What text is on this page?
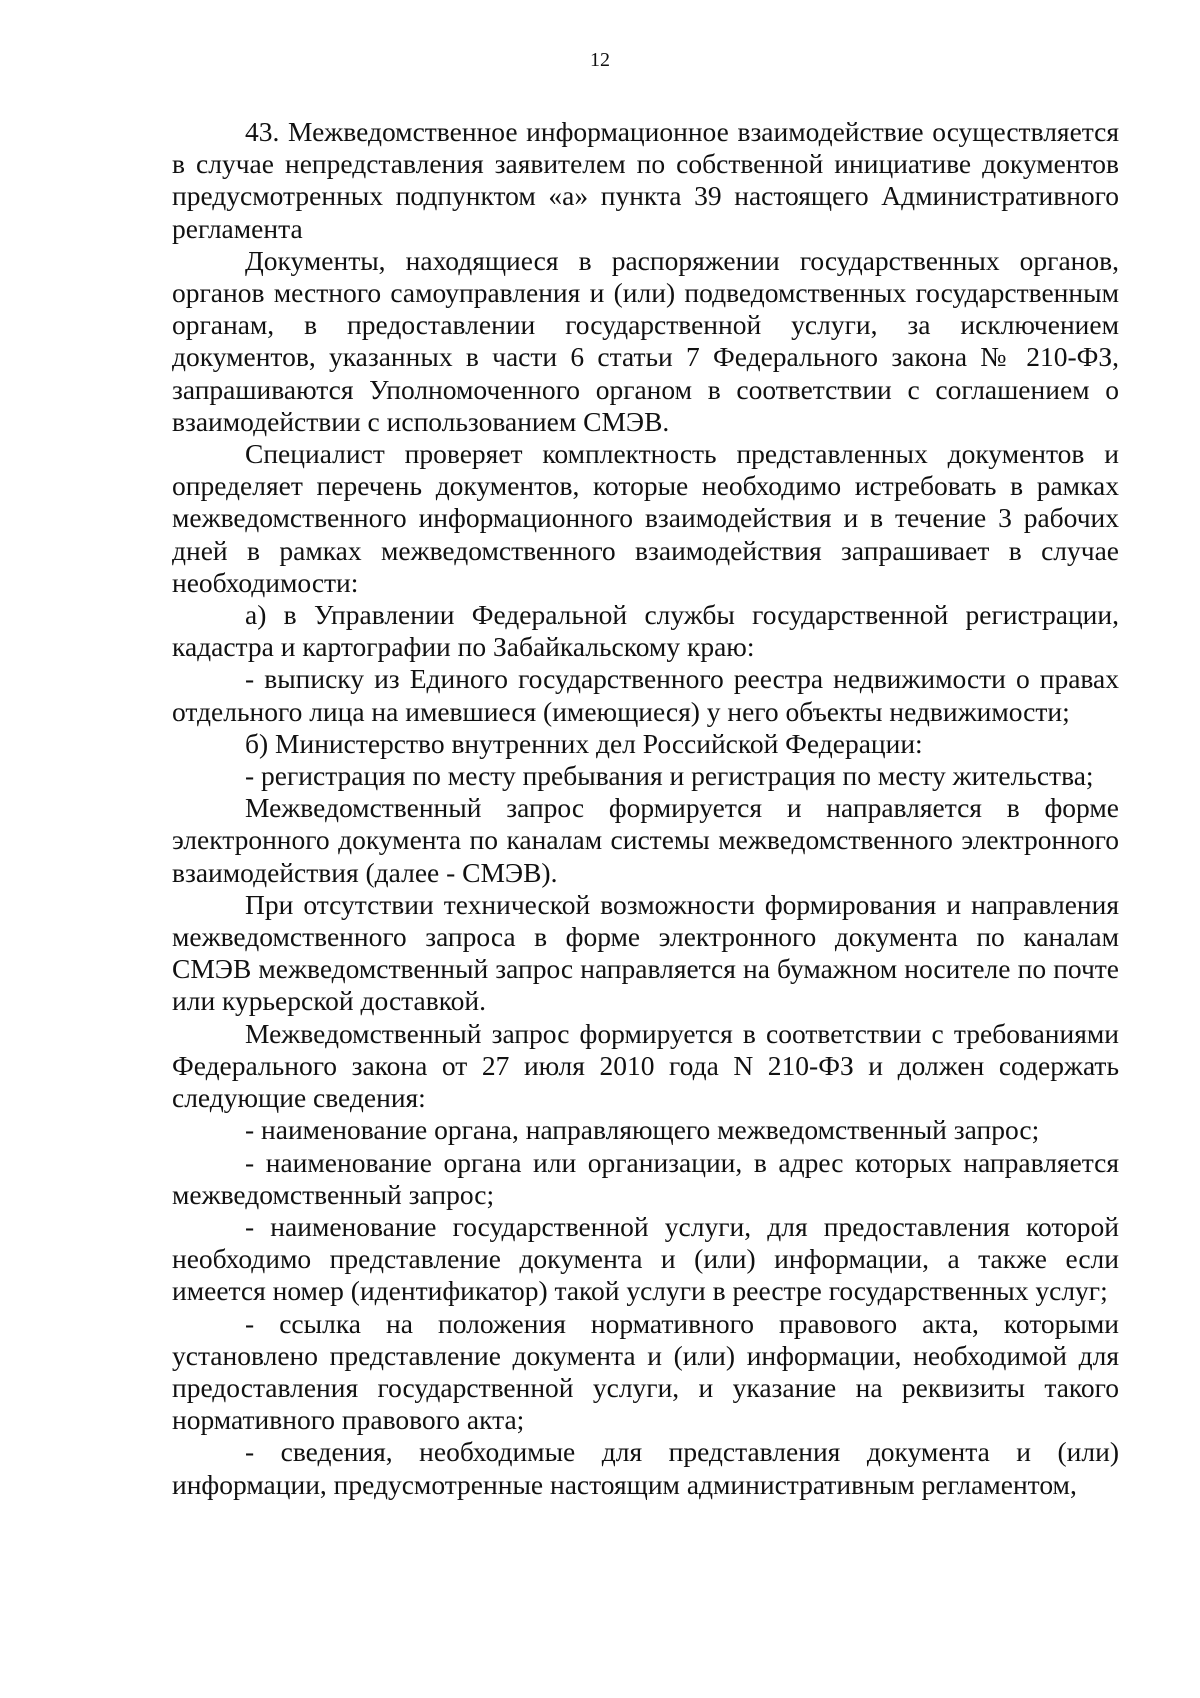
12

43. Межведомственное информационное взаимодействие осуществляется в случае непредставления заявителем по собственной инициативе документов предусмотренных подпунктом «а» пункта 39 настоящего Административного регламента

Документы, находящиеся в распоряжении государственных органов, органов местного самоуправления и (или) подведомственных государственным органам, в предоставлении государственной услуги, за исключением документов, указанных в части 6 статьи 7 Федерального закона № 210-ФЗ, запрашиваются Уполномоченного органом в соответствии с соглашением о взаимодействии с использованием СМЭВ.

Специалист проверяет комплектность представленных документов и определяет перечень документов, которые необходимо истребовать в рамках межведомственного информационного взаимодействия и в течение 3 рабочих дней в рамках межведомственного взаимодействия запрашивает в случае необходимости:

а) в Управлении Федеральной службы государственной регистрации, кадастра и картографии по Забайкальскому краю:

- выписку из Единого государственного реестра недвижимости о правах отдельного лица на имевшиеся (имеющиеся) у него объекты недвижимости;

б) Министерство внутренних дел Российской Федерации:

- регистрация по месту пребывания и регистрация по месту жительства;

Межведомственный запрос формируется и направляется в форме электронного документа по каналам системы межведомственного электронного взаимодействия (далее - СМЭВ).

При отсутствии технической возможности формирования и направления межведомственного запроса в форме электронного документа по каналам СМЭВ межведомственный запрос направляется на бумажном носителе по почте или курьерской доставкой.

Межведомственный запрос формируется в соответствии с требованиями Федерального закона от 27 июля 2010 года N 210-ФЗ и должен содержать следующие сведения:

- наименование органа, направляющего межведомственный запрос;

- наименование органа или организации, в адрес которых направляется межведомственный запрос;

- наименование государственной услуги, для предоставления которой необходимо представление документа и (или) информации, а также если имеется номер (идентификатор) такой услуги в реестре государственных услуг;

- ссылка на положения нормативного правового акта, которыми установлено представление документа и (или) информации, необходимой для предоставления государственной услуги, и указание на реквизиты такого нормативного правового акта;

- сведения, необходимые для представления документа и (или) информации, предусмотренные настоящим административным регламентом,
